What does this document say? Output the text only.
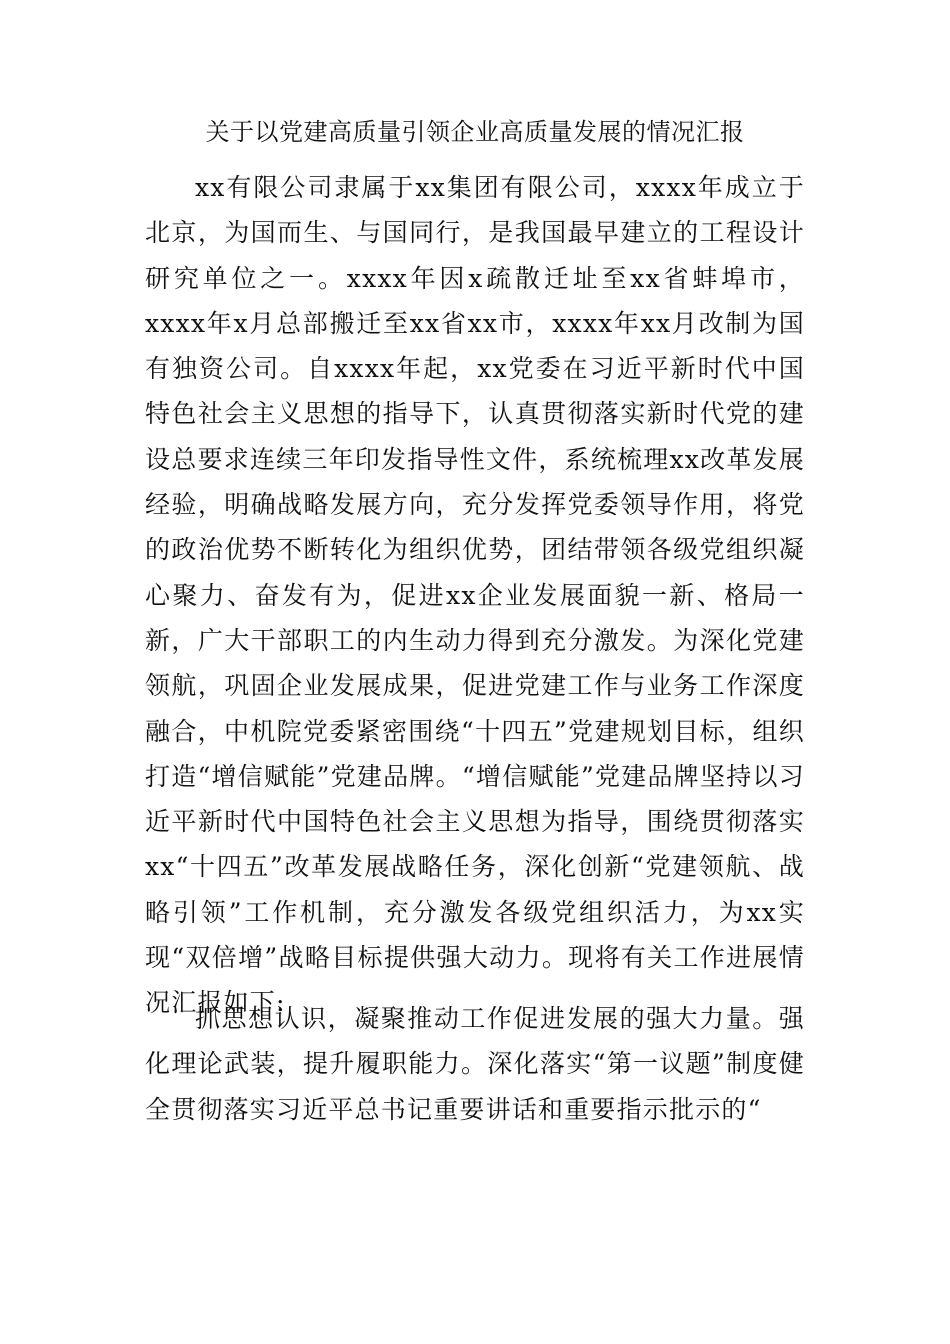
关于以党建高质量引领企业高质量发展的情况汇报

xx有限公司隶属于xx集团有限公司，xxxx年成立于北京，为国而生、与国同行，是我国最早建立的工程设计研究单位之一。xxxx年因x疏散迁址至xx省蚌埠市，xxxx年x月总部搬迁至xx省xx市，xxxx年xx月改制为国有独资公司。自xxxx年起，xx党委在习近平新时代中国特色社会主义思想的指导下，认真贯彻落实新时代党的建设总要求连续三年印发指导性文件，系统梳理xx改革发展经验，明确战略发展方向，充分发挥党委领导作用，将党的政治优势不断转化为组织优势，团结带领各级党组织凝心聚力、奋发有为，促进xx企业发展面貌一新、格局一新，广大干部职工的内生动力得到充分激发。为深化党建领航，巩固企业发展成果，促进党建工作与业务工作深度融合，中机院党委紧密围绕“十四五”党建规划目标，组织打造“增信赋能”党建品牌。“增信赋能”党建品牌坚持以习近平新时代中国特色社会主义思想为指导，围绕贯彻落实xx“十四五”改革发展战略任务，深化创新“党建领航、战略引领”工作机制，充分激发各级党组织活力，为xx实现“双倍增”战略目标提供强大动力。现将有关工作进展情况汇报如下:

抓思想认识，凝聚推动工作促进发展的强大力量。强化理论武装，提升履职能力。深化落实“第一议题”制度健全贯彻落实习近平总书记重要讲话和重要指示批示的“
